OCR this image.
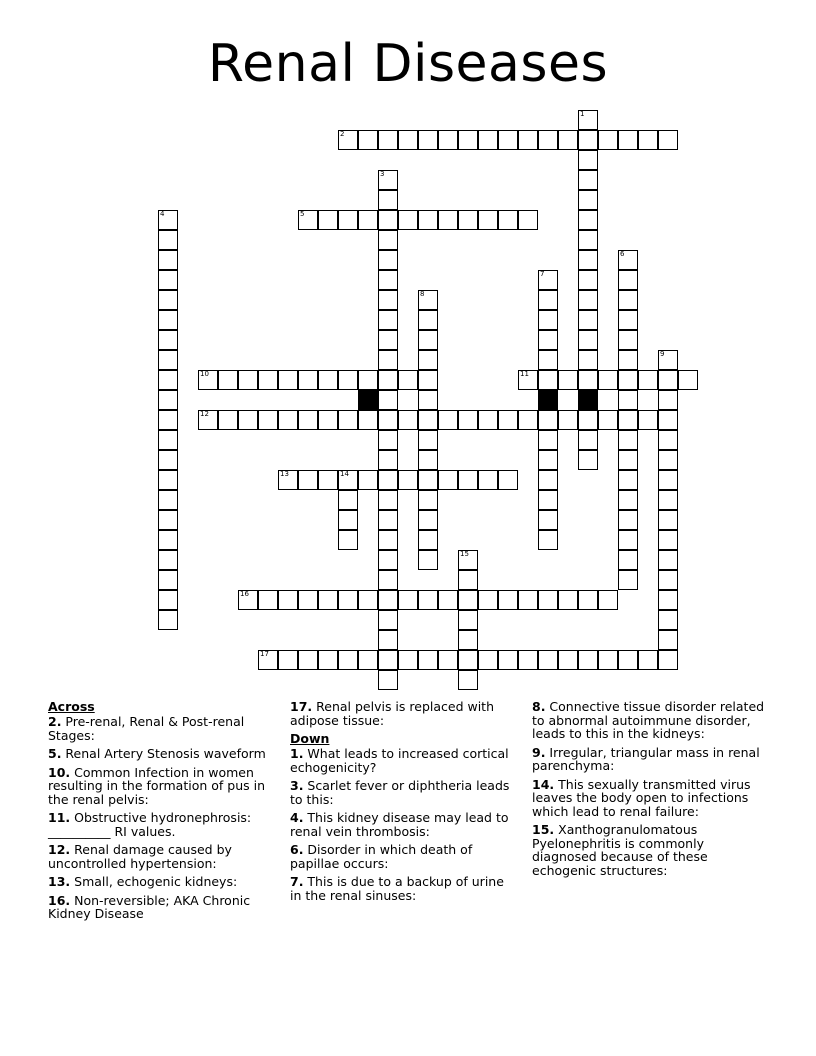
Renal Diseases
1
2
3
4	5
6
7
8
9
10	11
12
13	14
15
16
17
Across
2. Pre-renal, Renal & Post-renal Stages:
5. Renal Artery Stenosis waveform
10. Common Infection in women resulting in the formation of pus in the renal pelvis:
11. Obstructive hydronephrosis: __________ RI values.
12. Renal damage caused by uncontrolled hypertension:
13. Small, echogenic kidneys:
16. Non-reversible; AKA Chronic Kidney Disease
17. Renal pelvis is replaced with adipose tissue:
Down
1. What leads to increased cortical echogenicity?
3. Scarlet fever or diphtheria leads to this:
4. This kidney disease may lead to renal vein thrombosis:
6. Disorder in which death of papillae occurs:
7. This is due to a backup of urine in the renal sinuses:
8. Connective tissue disorder related to abnormal autoimmune disorder, leads to this in the kidneys:
9. Irregular, triangular mass in renal parenchyma:
14. This sexually transmitted virus leaves the body open to infections which lead to renal failure:
15. Xanthogranulomatous Pyelonephritis is commonly diagnosed because of these echogenic structures:
